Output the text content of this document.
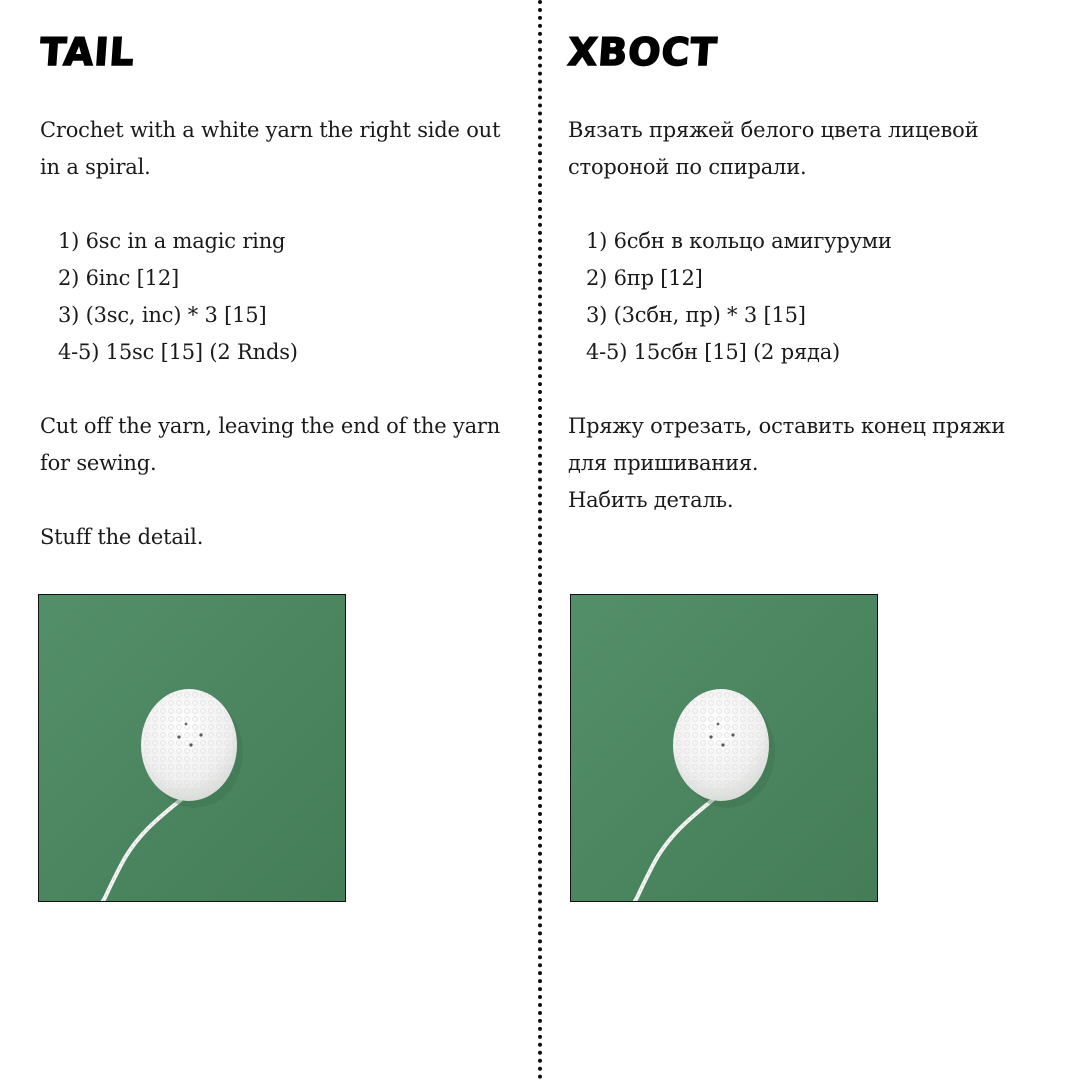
TAIL

Crochet with a white yarn the right side out in a spiral.

1) 6sc in a magic ring
2) 6inc [12]
3) (3sc, inc) * 3 [15]
4-5) 15sc [15] (2 Rnds)

Cut off the yarn, leaving the end of the yarn for sewing.

Stuff the detail.

ХВОСТ

Вязать пряжей белого цвета лицевой стороной по спирали.

1) 6сбн в кольцо амигуруми
2) 6пр [12]
3) (3сбн, пр) * 3 [15]
4-5) 15сбн [15] (2 ряда)

Пряжу отрезать, оставить конец пряжи для пришивания.

Набить деталь.
